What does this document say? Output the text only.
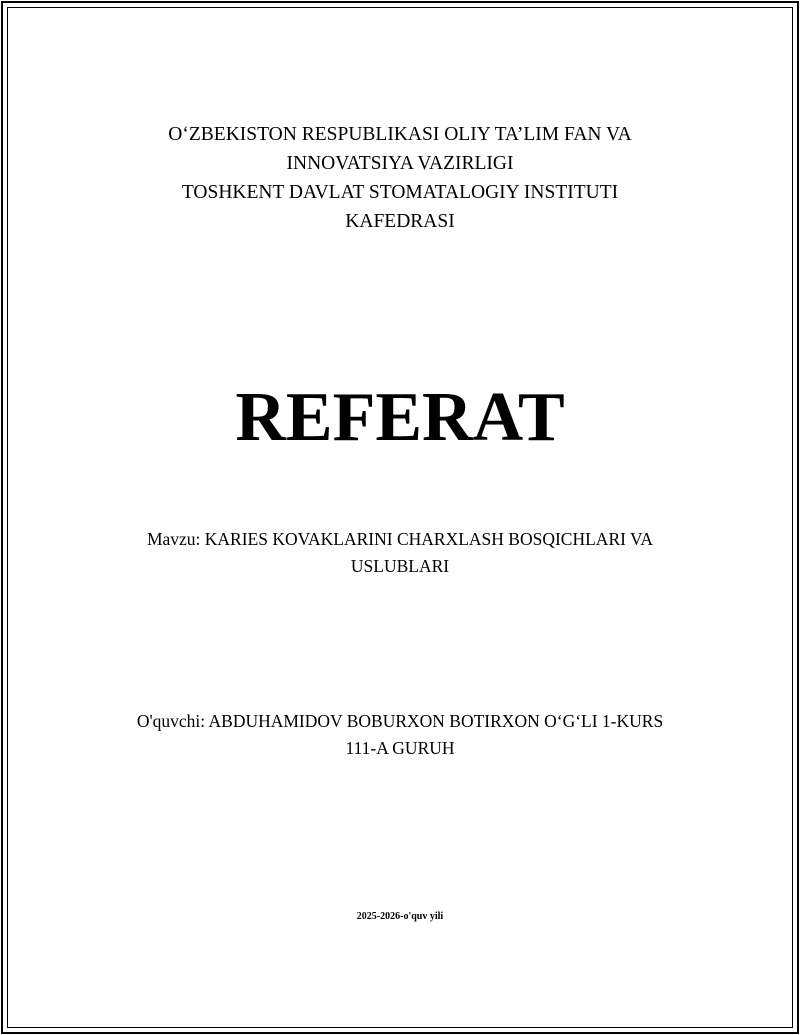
O‘ZBEKISTON RESPUBLIKASI OLIY TA’LIM FAN VA
INNOVATSIYA VAZIRLIGI
TOSHKENT DAVLAT STOMATALOGIY INSTITUTI
KAFEDRASI
REFERAT
Mavzu: KARIES KOVAKLARINI CHARXLASH BOSQICHLARI VA
USLUBLARI
O'quvchi: ABDUHAMIDOV BOBURXON BOTIRXON O‘G‘LI 1-KURS
111-A GURUH
2025-2026-o'quv yili
